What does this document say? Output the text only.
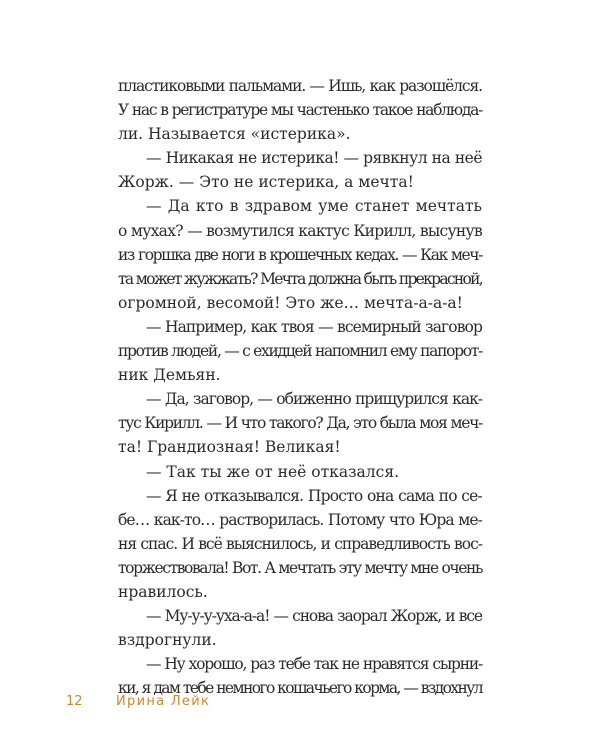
пластиковыми пальмами. — Ишь, как разошёлся.
У нас в регистратуре мы частенько такое наблюда-
ли. Называется «истерика».
— Никакая не истерика! — рявкнул на неё
Жорж. — Это не истерика, а мечта!
— Да кто в здравом уме станет мечтать
о мухах? — возмутился кактус Кирилл, высунув
из горшка две ноги в крошечных кедах. — Как меч-
та может жужжать? Мечта должна быть прекрасной,
огромной, весомой! Это же… мечта-а-а-а!
— Например, как твоя — всемирный заговор
против людей, — с ехидцей напомнил ему папорот-
ник Демьян.
— Да, заговор, — обиженно прищурился как-
тус Кирилл. — И что такого? Да, это была моя меч-
та! Грандиозная! Великая!
— Так ты же от неё отказался.
— Я не отказывался. Просто она сама по се-
бе… как-то… растворилась. Потому что Юра ме-
ня спас. И всё выяснилось, и справедливость вос-
торжествовала! Вот. А мечтать эту мечту мне очень
нравилось.
— Му-у-у-уха-а-а! — снова заорал Жорж, и все
вздрогнули.
— Ну хорошо, раз тебе так не нравятся сырни-
ки, я дам тебе немного кошачьего корма, — вздохнул
12	Ирина Лейк
